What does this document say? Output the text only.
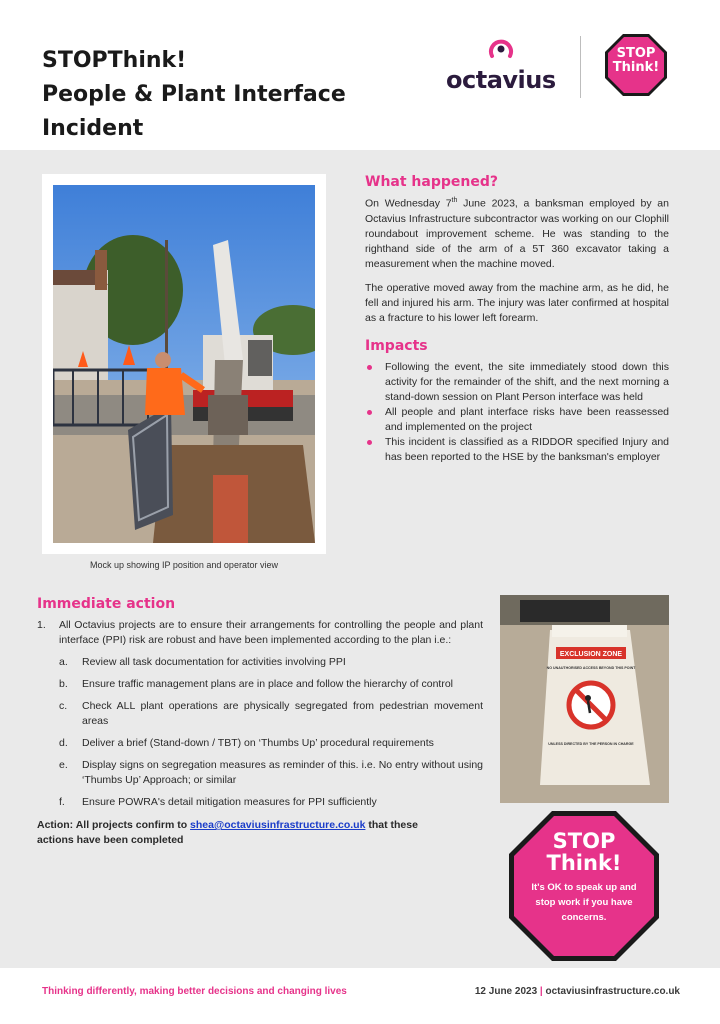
STOPThink!
People & Plant Interface
Incident
octavius
STOP
Think!
Mock up showing IP position and operator view
What happened?

On Wednesday 7th June 2023, a banksman employed by an Octavius Infrastructure subcontractor was working on our Clophill roundabout improvement scheme. He was standing to the righthand side of the arm of a 5T 360 excavator taking a measurement when the machine moved.

The operative moved away from the machine arm, as he did, he fell and injured his arm. The injury was later confirmed at hospital as a fracture to his lower left forearm.

Impacts
Following the event, the site immediately stood down this activity for the remainder of the shift, and the next morning a stand-down session on Plant Person interface was held
All people and plant interface risks have been reassessed and implemented on the project
This incident is classified as a RIDDOR specified Injury and has been reported to the HSE by the banksman's employer
Immediate action
1. All Octavius projects are to ensure their arrangements for controlling the people and plant interface (PPI) risk are robust and have been implemented according to the plan i.e.:
a. Review all task documentation for activities involving PPI
b. Ensure traffic management plans are in place and follow the hierarchy of control
c. Check ALL plant operations are physically segregated from pedestrian movement areas
d. Deliver a brief (Stand-down / TBT) on ‘Thumbs Up’ procedural requirements
e. Display signs on segregation measures as reminder of this. i.e. No entry without using ‘Thumbs Up’ Approach; or similar
f. Ensure POWRA's detail mitigation measures for PPI sufficiently
Action: All projects confirm to shea@octaviusinfrastructure.co.uk that these actions have been completed
EXCLUSION ZONE
NO UNAUTHORISED ACCESS BEYOND THIS POINT
UNLESS DIRECTED BY THE PERSON IN CHARGE
STOP
Think!
It's OK to speak up and stop work if you have concerns.
Thinking differently, making better decisions and changing lives	12 June 2023 | octaviusinfrastructure.co.uk
